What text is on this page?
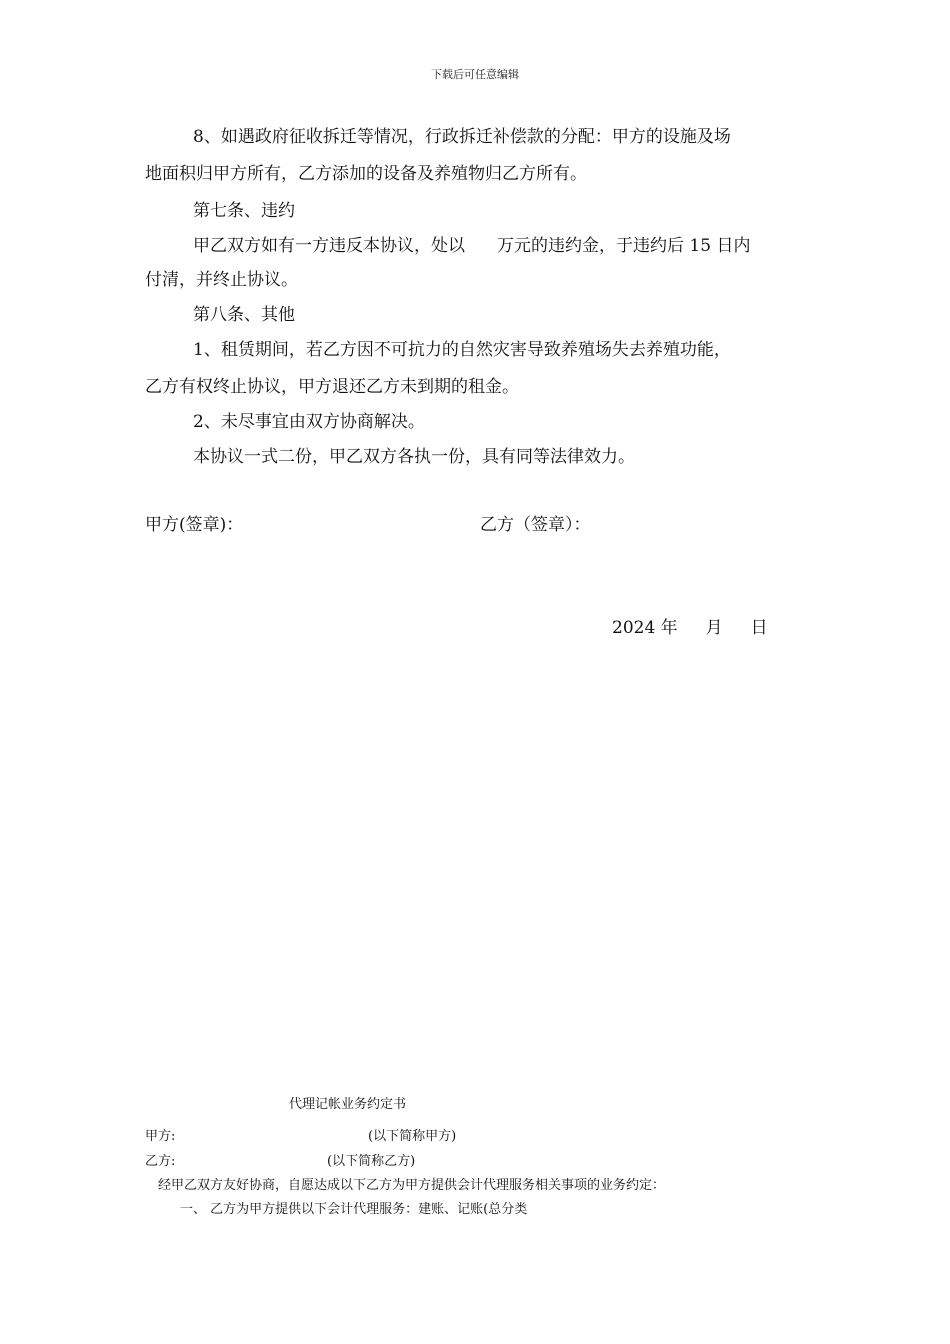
下载后可任意编辑
8、如遇政府征收拆迁等情况，行政拆迁补偿款的分配：甲方的设施及场
地面积归甲方所有，乙方添加的设备及养殖物归乙方所有。
第七条、违约
甲乙双方如有一方违反本协议，处以 万元的违约金，于违约后 15 日内
付清，并终止协议。
第八条、其他
1、租赁期间，若乙方因不可抗力的自然灾害导致养殖场失去养殖功能，
乙方有权终止协议，甲方退还乙方未到期的租金。
2、未尽事宜由双方协商解决。
本协议一式二份，甲乙双方各执一份，具有同等法律效力。
甲方(签章)：	乙方（签章）：
2024 年 月 日
代理记帐业务约定书
甲方:	(以下简称甲方)
乙方:	(以下简称乙方)
经甲乙双方友好协商，自愿达成以下乙方为甲方提供会计代理服务相关事项的业务约定：
一、 乙方为甲方提供以下会计代理服务：建账、记账(总分类
